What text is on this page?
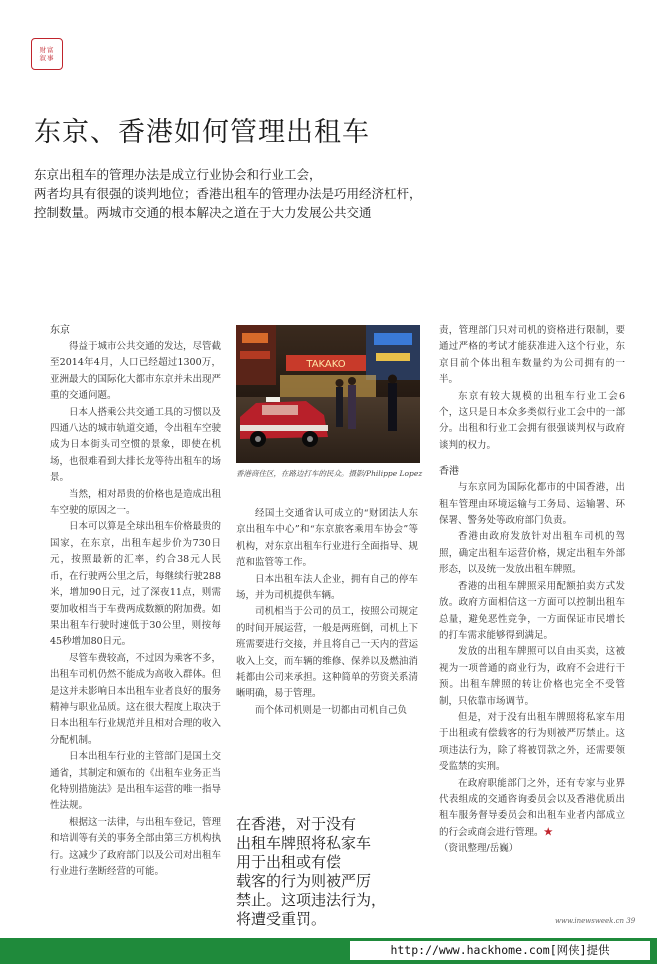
财富
叙事
东京、香港如何管理出租车
东京出租车的管理办法是成立行业协会和行业工会，
两者均具有很强的谈判地位；香港出租车的管理办法是巧用经济杠杆，
控制数量。两城市交通的根本解决之道在于大力发展公共交通
东京

得益于城市公共交通的发达，尽管截至2014年4月，人口已经超过1300万，亚洲最大的国际化大都市东京并未出现严重的交通问题。

日本人搭乘公共交通工具的习惯以及四通八达的城市轨道交通，令出租车空驶成为日本街头司空惯的景象，即使在机场，也很难看到大排长龙等待出租车的场景。

当然，相对昂贵的价格也是造成出租车空驶的原因之一。

日本可以算是全球出租车价格最贵的国家，在东京，出租车起步价为730日元，按照最新的汇率，约合38元人民币，在行驶两公里之后，每继续行驶288米，增加90日元，过了深夜11点，则需要加收相当于车费两成数额的附加费。如果出租车行驶时速低于30公里，则按每45秒增加80日元。

尽管车费较高，不过因为乘客不多，出租车司机仍然不能成为高收入群体。但是这并未影响日本出租车业者良好的服务精神与职业品质。这在很大程度上取决于日本出租车行业规范并且相对合理的收入分配机制。

日本出租车行业的主管部门是国土交通省，其制定和颁布的《出租车业务正当化特别措施法》是出租车运营的唯一指导性法规。

根据这一法律，与出租车登记，管理和培训等有关的事务全部由第三方机构执行。这减少了政府部门以及公司对出租车行业进行垄断经营的可能。

TAKAKO
香港商住区，在路边打车的民众。摄影/Philippe Lopez

经国土交通省认可成立的“财团法人东京出租车中心”和“东京旅客乘用车协会”等机构，对东京出租车行业进行全面指导、规范和监管等工作。

日本出租车法人企业，拥有自己的停车场，并为司机提供车辆。

司机相当于公司的员工，按照公司规定的时间开展运营，一般是两班倒，司机上下班需要进行交接，并且将自己一天内的营运收入上交，而车辆的维修、保养以及燃油消耗都由公司来承担。这种简单的劳资关系清晰明确，易于管理。

而个体司机则是一切都由司机自己负

在香港，对于没有
出租车牌照将私家车
用于出租或有偿
载客的行为则被严厉
禁止。这项违法行为，
将遭受重罚。

责，管理部门只对司机的资格进行限制，要通过严格的考试才能获准进入这个行业，东京目前个体出租车数量约为公司拥有的一半。

东京有较大规模的出租车行业工会6个，这只是日本众多类似行业工会中的一部分。出租和行业工会拥有很强谈判权与政府谈判的权力。

香港

与东京同为国际化都市的中国香港，出租车管理由环境运输与工务局、运输署、环保署、警务处等政府部门负责。

香港由政府发放针对出租车司机的驾照，确定出租车运营价格，规定出租车外部形态，以及统一发放出租车牌照。

香港的出租车牌照采用配额拍卖方式发放。政府方面相信这一方面可以控制出租车总量，避免恶性竞争，一方面保证市民增长的打车需求能够得到满足。

发放的出租车牌照可以自由买卖，这被视为一项普通的商业行为，政府不会进行干预。出租车牌照的转让价格也完全不受管制，只依靠市场调节。

但是，对于没有出租车牌照将私家车用于出租或有偿载客的行为则被严厉禁止。这项违法行为，除了将被罚款之外，还需要领受监禁的实刑。

在政府职能部门之外，还有专家与业界代表组成的交通咨询委员会以及香港优质出租车服务督导委员会和出租车业者内部成立的行会或商会进行管理。★

（资讯整理/岳巍）
www.inewsweek.cn 39
http://www.hackhome.com[网侠]提供
